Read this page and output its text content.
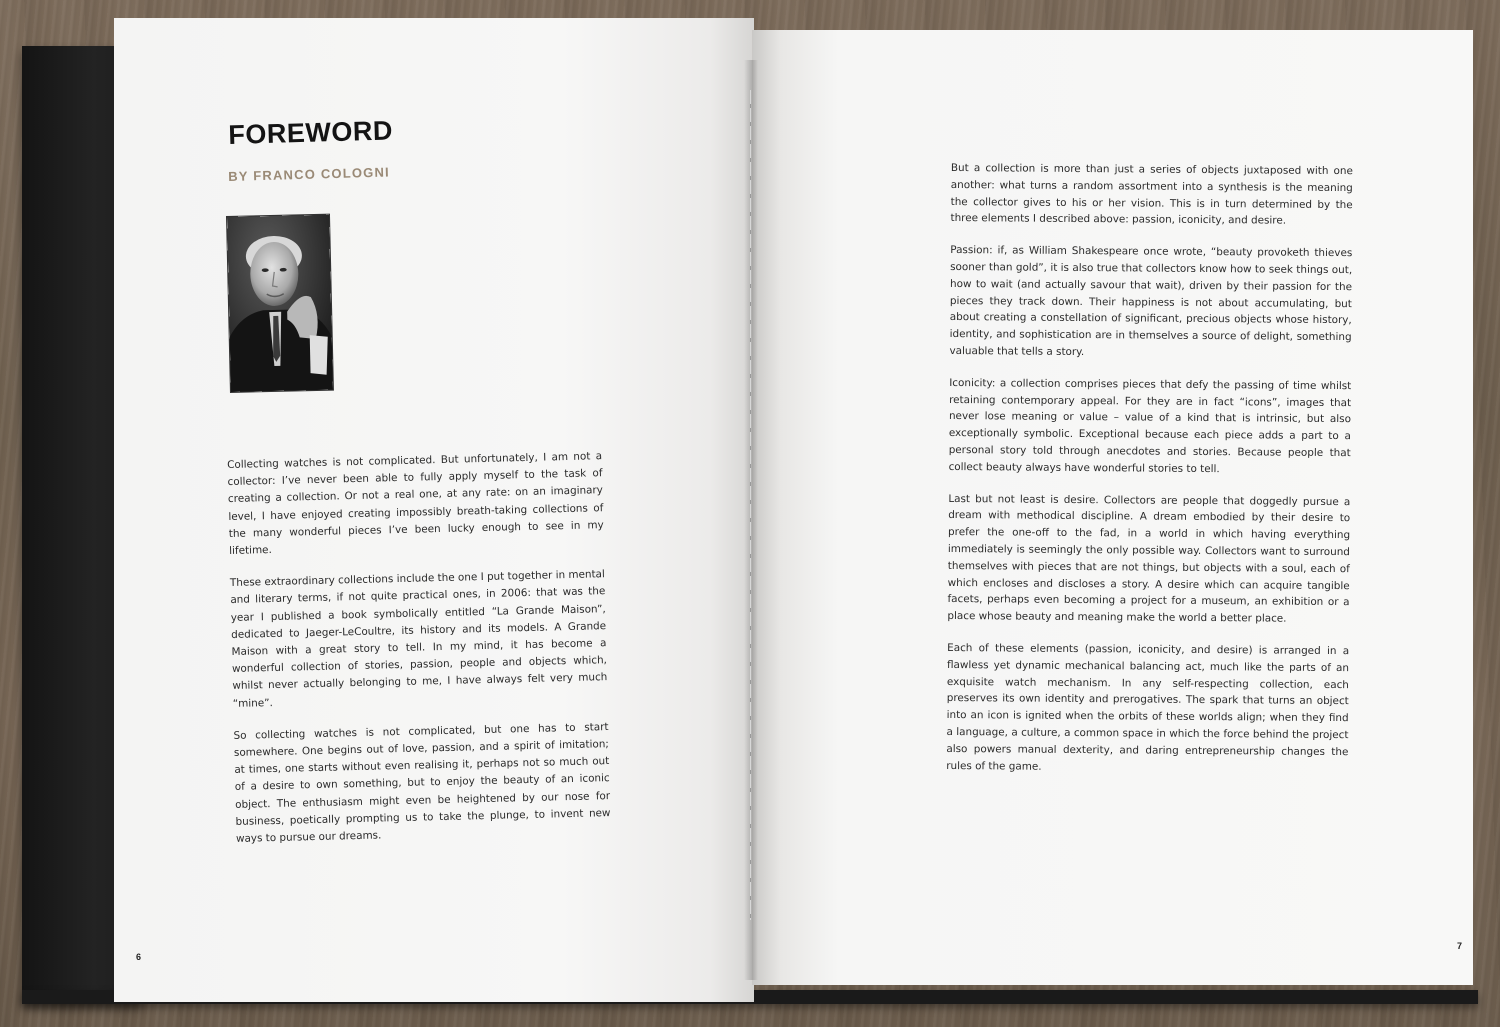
FOREWORD
BY FRANCO COLOGNI

Collecting watches is not complicated. But unfortunately, I am not a collector: I’ve never been able to fully apply myself to the task of creating a collection. Or not a real one, at any rate: on an imaginary level, I have enjoyed creating impossibly breath-taking collections of the many wonderful pieces I’ve been lucky enough to see in my lifetime.

These extraordinary collections include the one I put together in mental and literary terms, if not quite practical ones, in 2006: that was the year I published a book symbolically entitled “La Grande Maison”, dedicated to Jaeger-LeCoultre, its history and its models. A Grande Maison with a great story to tell. In my mind, it has become a wonderful collection of stories, passion, people and objects which, whilst never actually belonging to me, I have always felt very much “mine”.

So collecting watches is not complicated, but one has to start somewhere. One begins out of love, passion, and a spirit of imitation; at times, one starts without even realising it, perhaps not so much out of a desire to own something, but to enjoy the beauty of an iconic object. The enthusiasm might even be heightened by our nose for business, poetically prompting us to take the plunge, to invent new ways to pursue our dreams.

But a collection is more than just a series of objects juxtaposed with one another: what turns a random assortment into a synthesis is the meaning the collector gives to his or her vision. This is in turn determined by the three elements I described above: passion, iconicity, and desire.

Passion: if, as William Shakespeare once wrote, “beauty provoketh thieves sooner than gold”, it is also true that collectors know how to seek things out, how to wait (and actually savour that wait), driven by their passion for the pieces they track down. Their happiness is not about accumulating, but about creating a constellation of significant, precious objects whose history, identity, and sophistication are in themselves a source of delight, something valuable that tells a story.

Iconicity: a collection comprises pieces that defy the passing of time whilst retaining contemporary appeal. For they are in fact “icons”, images that never lose meaning or value – value of a kind that is intrinsic, but also exceptionally symbolic. Exceptional because each piece adds a part to a personal story told through anecdotes and stories. Because people that collect beauty always have wonderful stories to tell.

Last but not least is desire. Collectors are people that doggedly pursue a dream with methodical discipline. A dream embodied by their desire to prefer the one-off to the fad, in a world in which having everything immediately is seemingly the only possible way. Collectors want to surround themselves with pieces that are not things, but objects with a soul, each of which encloses and discloses a story. A desire which can acquire tangible facets, perhaps even becoming a project for a museum, an exhibition or a place whose beauty and meaning make the world a better place.

Each of these elements (passion, iconicity, and desire) is arranged in a flawless yet dynamic mechanical balancing act, much like the parts of an exquisite watch mechanism. In any self-respecting collection, each preserves its own identity and prerogatives. The spark that turns an object into an icon is ignited when the orbits of these worlds align; when they find a language, a culture, a common space in which the force behind the project also powers manual dexterity, and daring entrepreneurship changes the rules of the game.

6
7
